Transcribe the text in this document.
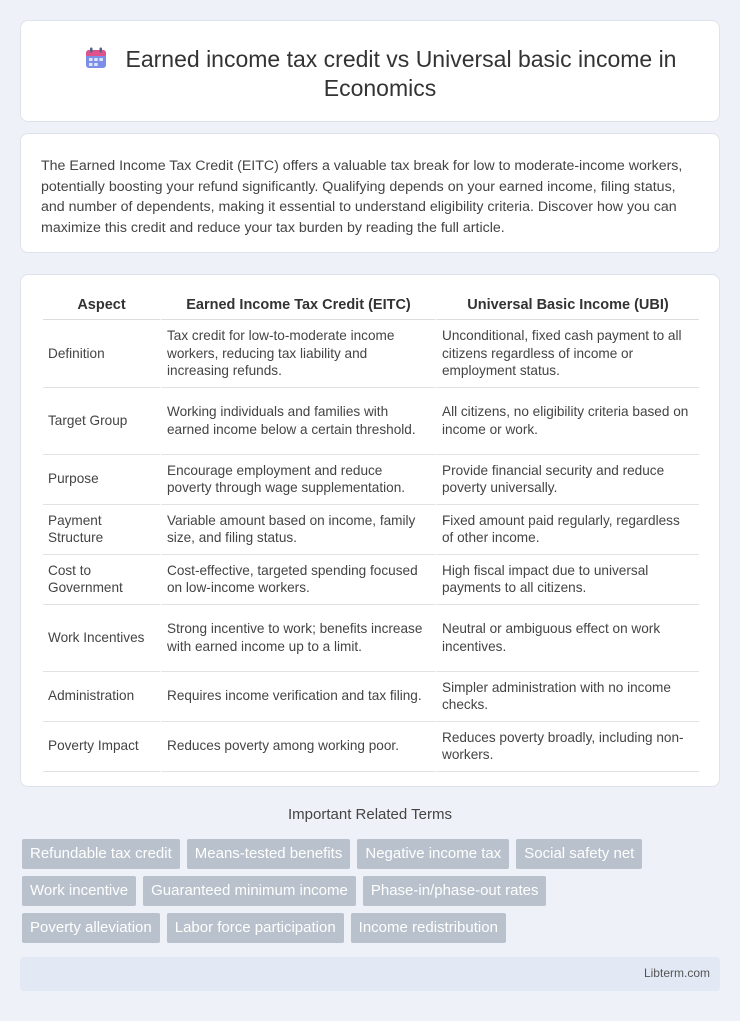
Earned income tax credit vs Universal basic income in Economics

The Earned Income Tax Credit (EITC) offers a valuable tax break for low to moderate-income workers, potentially boosting your refund significantly. Qualifying depends on your earned income, filing status, and number of dependents, making it essential to understand eligibility criteria. Discover how you can maximize this credit and reduce your tax burden by reading the full article.

Aspect	Earned Income Tax Credit (EITC)	Universal Basic Income (UBI)
Definition	Tax credit for low-to-moderate income workers, reducing tax liability and increasing refunds.	Unconditional, fixed cash payment to all citizens regardless of income or employment status.
Target Group	Working individuals and families with earned income below a certain threshold.	All citizens, no eligibility criteria based on income or work.
Purpose	Encourage employment and reduce poverty through wage supplementation.	Provide financial security and reduce poverty universally.
Payment Structure	Variable amount based on income, family size, and filing status.	Fixed amount paid regularly, regardless of other income.
Cost to Government	Cost-effective, targeted spending focused on low-income workers.	High fiscal impact due to universal payments to all citizens.
Work Incentives	Strong incentive to work; benefits increase with earned income up to a limit.	Neutral or ambiguous effect on work incentives.
Administration	Requires income verification and tax filing.	Simpler administration with no income checks.
Poverty Impact	Reduces poverty among working poor.	Reduces poverty broadly, including non-workers.
Important Related Terms
Refundable tax credit	Means-tested benefits	Negative income tax	Social safety net
Work incentive	Guaranteed minimum income	Phase-in/phase-out rates
Poverty alleviation	Labor force participation	Income redistribution
Libterm.com
